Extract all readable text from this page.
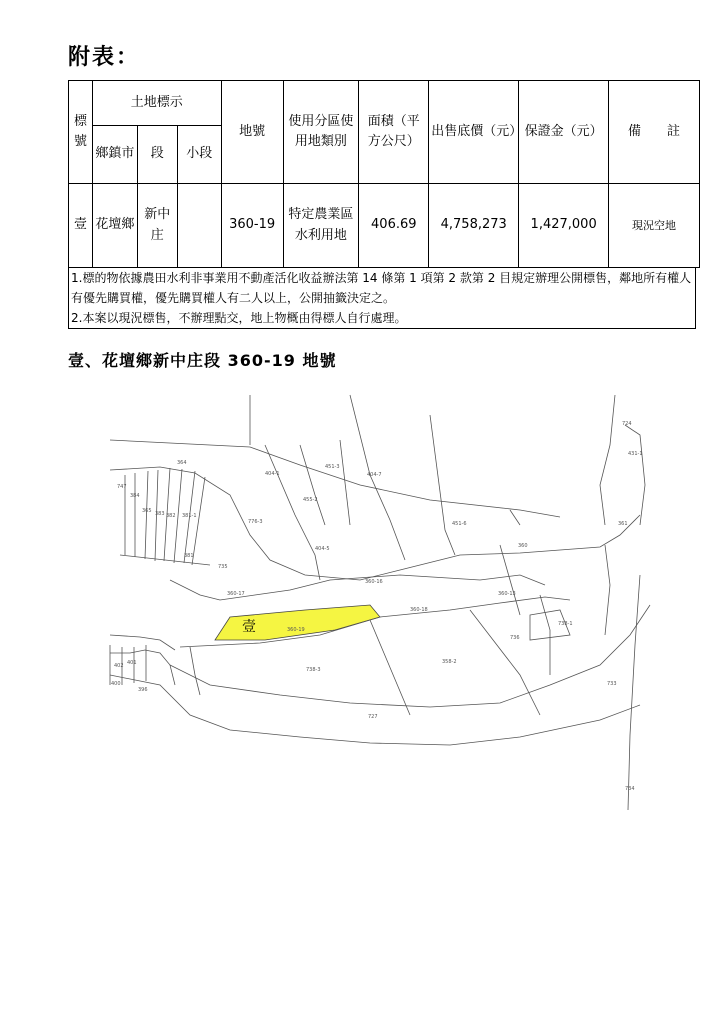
附表：
標號	土地標示			地號	使用分區使用地類別	面積（平方公尺）	出售底價（元）	保證金（元）	備　　註
	鄉鎮市	段	小段						
壹	花壇鄉	新中庄		360-19	特定農業區水利用地	406.69	4,758,273	1,427,000	現況空地
1.標的物依據農田水利非事業用不動產活化收益辦法第 14 條第 1 項第 2 款第 2 目規定辦理公開標售，鄰地所有權人有優先購買權，優先購買權人有二人以上，公開抽籤決定之。
2.本案以現況標售，不辦理點交，地上物概由得標人自行處理。
壹、花壇鄉新中庄段 360-19 地號
364
404-1
451-3
404-7
724
431-1
747
384
365 383 382 381-1
776-3
455-2
404-5
451-6	361
381
735
360
360-16
360-17
360-18
360-19
360-13
738-1
736
738-3
358-2
402 401
400
396
733
727
734
壹
